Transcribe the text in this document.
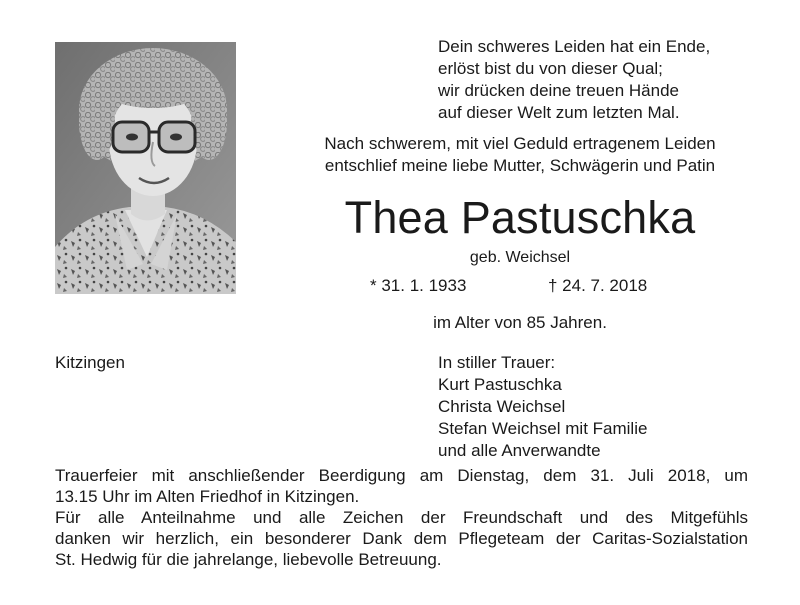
Dein schweres Leiden hat ein Ende,
erlöst bist du von dieser Qual;
wir drücken deine treuen Hände
auf dieser Welt zum letzten Mal.
Nach schwerem, mit viel Geduld ertragenem Leiden
entschlief meine liebe Mutter, Schwägerin und Patin
Thea Pastuschka
geb. Weichsel
* 31. 1. 1933	† 24. 7. 2018
im Alter von 85 Jahren.
Kitzingen	In stiller Trauer:
Kurt Pastuschka
Christa Weichsel
Stefan Weichsel mit Familie
und alle Anverwandte
Trauerfeier mit anschließender Beerdigung am Dienstag, dem 31. Juli 2018, um
13.15 Uhr im Alten Friedhof in Kitzingen.
Für alle Anteilnahme und alle Zeichen der Freundschaft und des Mitgefühls
danken wir herzlich, ein besonderer Dank dem Pflegeteam der Caritas-Sozialstation
St. Hedwig für die jahrelange, liebevolle Betreuung.
